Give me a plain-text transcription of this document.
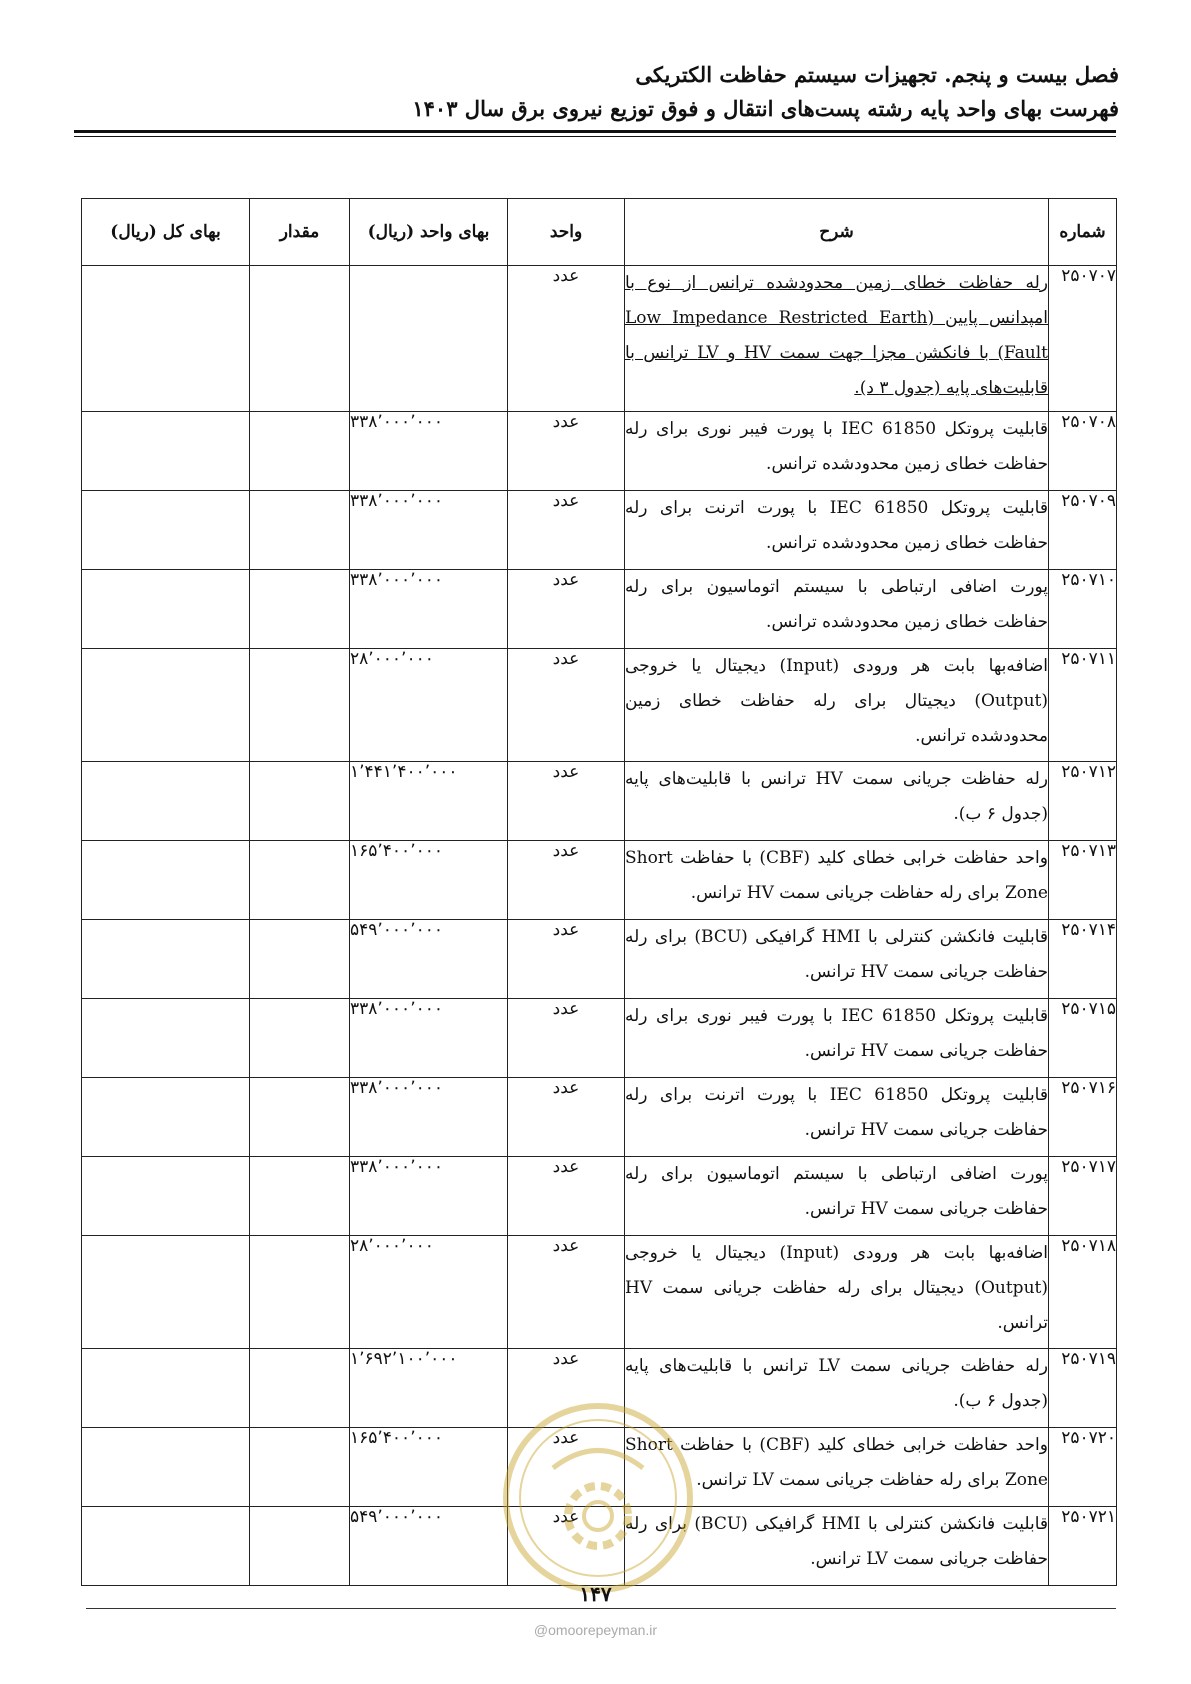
فصل بیست و پنجم. تجهیزات سیستم حفاظت الکتریکی
فهرست بهای واحد پایه رشته پست‌های انتقال و فوق توزیع نیروی برق سال ۱۴۰۳
شماره	شرح	واحد	بهای واحد (ریال)	مقدار	بهای کل (ریال)
۲۵۰۷۰۷	رله حفاظت خطای زمین محدودشده ترانس از نوع با امپدانس پایین (Low Impedance Restricted Earth Fault) با فانکشن مجزا جهت سمت HV و LV ترانس با قابلیت‌های پایه (جدول ۳ د).	عدد			
۲۵۰۷۰۸	قابلیت پروتکل IEC 61850 با پورت فیبر نوری برای رله حفاظت خطای زمین محدودشده ترانس.	عدد	۳۳۸٬۰۰۰٬۰۰۰		
۲۵۰۷۰۹	قابلیت پروتکل IEC 61850 با پورت اترنت برای رله حفاظت خطای زمین محدودشده ترانس.	عدد	۳۳۸٬۰۰۰٬۰۰۰		
۲۵۰۷۱۰	پورت اضافی ارتباطی با سیستم اتوماسیون برای رله حفاظت خطای زمین محدودشده ترانس.	عدد	۳۳۸٬۰۰۰٬۰۰۰		
۲۵۰۷۱۱	اضافه‌بها بابت هر ورودی (Input) دیجیتال یا خروجی (Output) دیجیتال برای رله حفاظت خطای زمین محدودشده ترانس.	عدد	۲۸٬۰۰۰٬۰۰۰		
۲۵۰۷۱۲	رله حفاظت جریانی سمت HV ترانس با قابلیت‌های پایه (جدول ۶ ب).	عدد	۱٬۴۴۱٬۴۰۰٬۰۰۰		
۲۵۰۷۱۳	واحد حفاظت خرابی خطای کلید (CBF) با حفاظت Short Zone برای رله حفاظت جریانی سمت HV ترانس.	عدد	۱۶۵٬۴۰۰٬۰۰۰		
۲۵۰۷۱۴	قابلیت فانکشن کنترلی با HMI گرافیکی (BCU) برای رله حفاظت جریانی سمت HV ترانس.	عدد	۵۴۹٬۰۰۰٬۰۰۰		
۲۵۰۷۱۵	قابلیت پروتکل IEC 61850 با پورت فیبر نوری برای رله حفاظت جریانی سمت HV ترانس.	عدد	۳۳۸٬۰۰۰٬۰۰۰		
۲۵۰۷۱۶	قابلیت پروتکل IEC 61850 با پورت اترنت برای رله حفاظت جریانی سمت HV ترانس.	عدد	۳۳۸٬۰۰۰٬۰۰۰		
۲۵۰۷۱۷	پورت اضافی ارتباطی با سیستم اتوماسیون برای رله حفاظت جریانی سمت HV ترانس.	عدد	۳۳۸٬۰۰۰٬۰۰۰		
۲۵۰۷۱۸	اضافه‌بها بابت هر ورودی (Input) دیجیتال یا خروجی (Output) دیجیتال برای رله حفاظت جریانی سمت HV ترانس.	عدد	۲۸٬۰۰۰٬۰۰۰		
۲۵۰۷۱۹	رله حفاظت جریانی سمت LV ترانس با قابلیت‌های پایه (جدول ۶ ب).	عدد	۱٬۶۹۲٬۱۰۰٬۰۰۰		
۲۵۰۷۲۰	واحد حفاظت خرابی خطای کلید (CBF) با حفاظت Short Zone برای رله حفاظت جریانی سمت LV ترانس.	عدد	۱۶۵٬۴۰۰٬۰۰۰		
۲۵۰۷۲۱	قابلیت فانکشن کنترلی با HMI گرافیکی (BCU) برای رله حفاظت جریانی سمت LV ترانس.	عدد	۵۴۹٬۰۰۰٬۰۰۰		
۱۴۷
@omoorepeyman.ir
